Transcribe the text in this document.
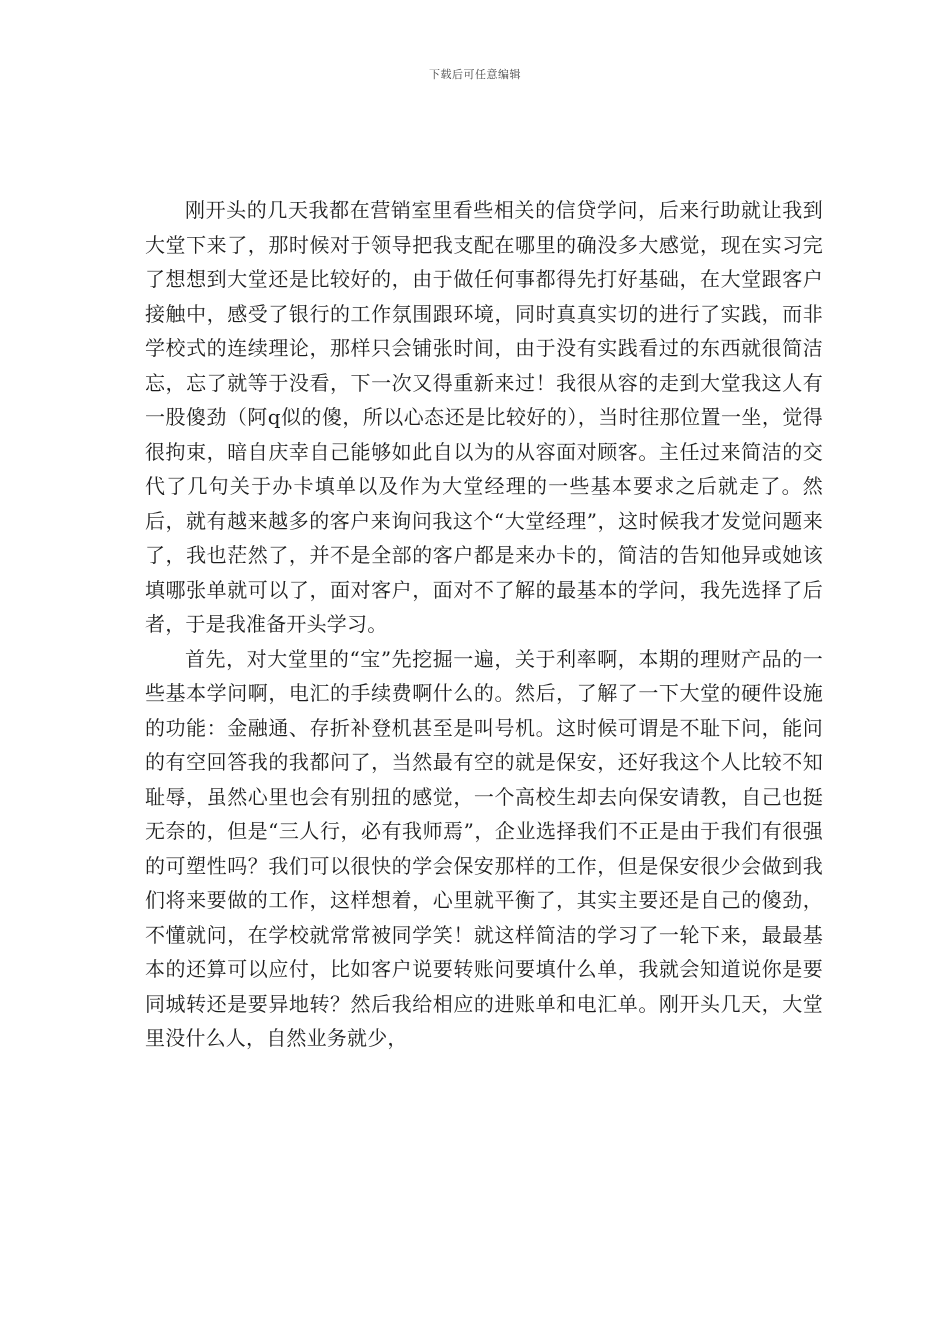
下载后可任意编辑

刚开头的几天我都在营销室里看些相关的信贷学问，后来行助就让我到大堂下来了，那时候对于领导把我支配在哪里的确没多大感觉，现在实习完了想想到大堂还是比较好的，由于做任何事都得先打好基础，在大堂跟客户接触中，感受了银行的工作氛围跟环境，同时真真实切的进行了实践，而非学校式的连续理论，那样只会铺张时间，由于没有实践看过的东西就很简洁忘，忘了就等于没看，下一次又得重新来过！我很从容的走到大堂我这人有一股傻劲（阿q似的傻，所以心态还是比较好的），当时往那位置一坐，觉得很拘束，暗自庆幸自己能够如此自以为的从容面对顾客。主任过来简洁的交代了几句关于办卡填单以及作为大堂经理的一些基本要求之后就走了。然后，就有越来越多的客户来询问我这个“大堂经理”，这时候我才发觉问题来了，我也茫然了，并不是全部的客户都是来办卡的，简洁的告知他异或她该填哪张单就可以了，面对客户，面对不了解的最基本的学问，我先选择了后者，于是我准备开头学习。

首先，对大堂里的“宝”先挖掘一遍，关于利率啊，本期的理财产品的一些基本学问啊，电汇的手续费啊什么的。然后，了解了一下大堂的硬件设施的功能：金融通、存折补登机甚至是叫号机。这时候可谓是不耻下问，能问的有空回答我的我都问了，当然最有空的就是保安，还好我这个人比较不知耻辱，虽然心里也会有别扭的感觉，一个高校生却去向保安请教，自己也挺无奈的，但是“三人行，必有我师焉”，企业选择我们不正是由于我们有很强的可塑性吗？我们可以很快的学会保安那样的工作，但是保安很少会做到我们将来要做的工作，这样想着，心里就平衡了，其实主要还是自己的傻劲，不懂就问，在学校就常常被同学笑！就这样简洁的学习了一轮下来，最最基本的还算可以应付，比如客户说要转账问要填什么单，我就会知道说你是要同城转还是要异地转？然后我给相应的进账单和电汇单。刚开头几天，大堂里没什么人，自然业务就少，
